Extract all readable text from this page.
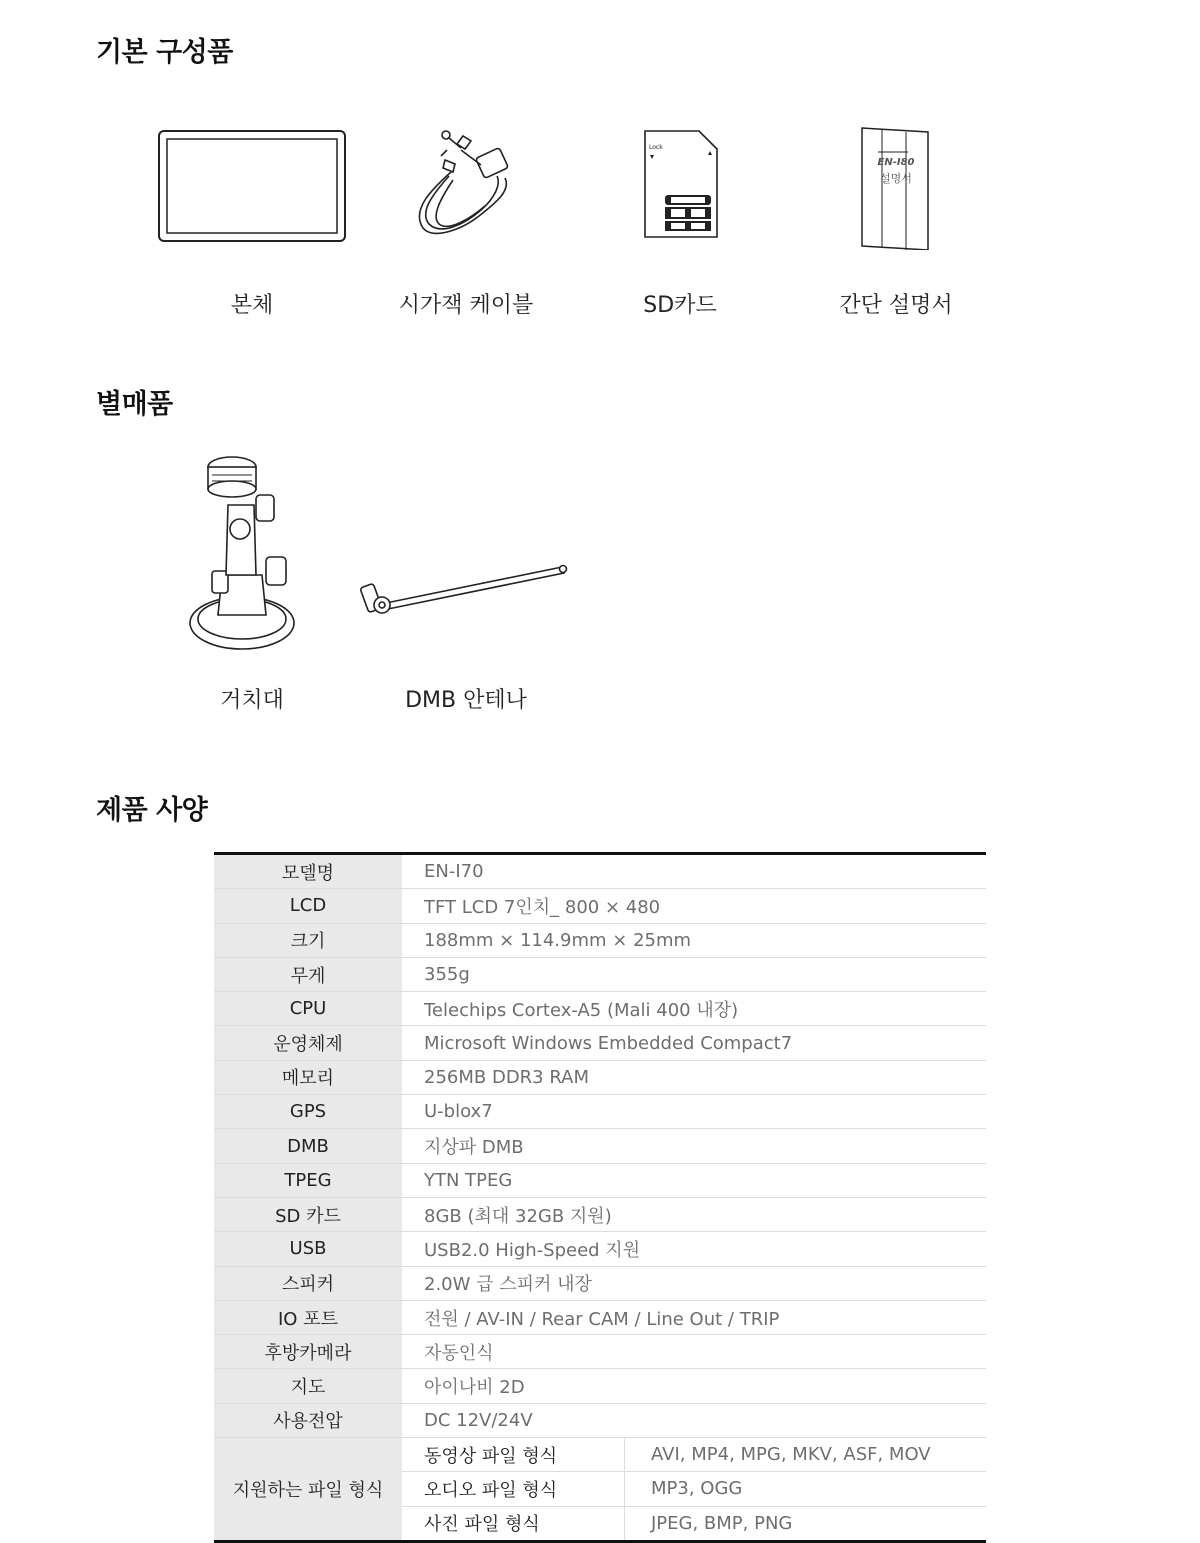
기본 구성품
본체	시가잭 케이블
Lock
SD카드
EN-I80
설명서
간단 설명서
별매품
거치대	DMB 안테나
제품 사양
모델명	EN-I70	
LCD	TFT LCD 7인치_ 800 × 480	
크기	188mm × 114.9mm × 25mm	
무게	355g	
CPU	Telechips Cortex-A5 (Mali 400 내장)	
운영체제	Microsoft Windows Embedded Compact7	
메모리	256MB DDR3 RAM	
GPS	U-blox7	
DMB	지상파 DMB	
TPEG	YTN TPEG	
SD 카드	8GB (최대 32GB 지원)	
USB	USB2.0 High-Speed 지원	
스피커	2.0W 급 스피커 내장	
IO 포트	전원 / AV-IN / Rear CAM / Line Out / TRIP	
후방카메라	자동인식	
지도	아이나비 2D	
사용전압	DC 12V/24V	
지원하는 파일 형식	동영상 파일 형식	AVI, MP4, MPG, MKV, ASF, MOV
	오디오 파일 형식	MP3, OGG
	사진 파일 형식	JPEG, BMP, PNG
